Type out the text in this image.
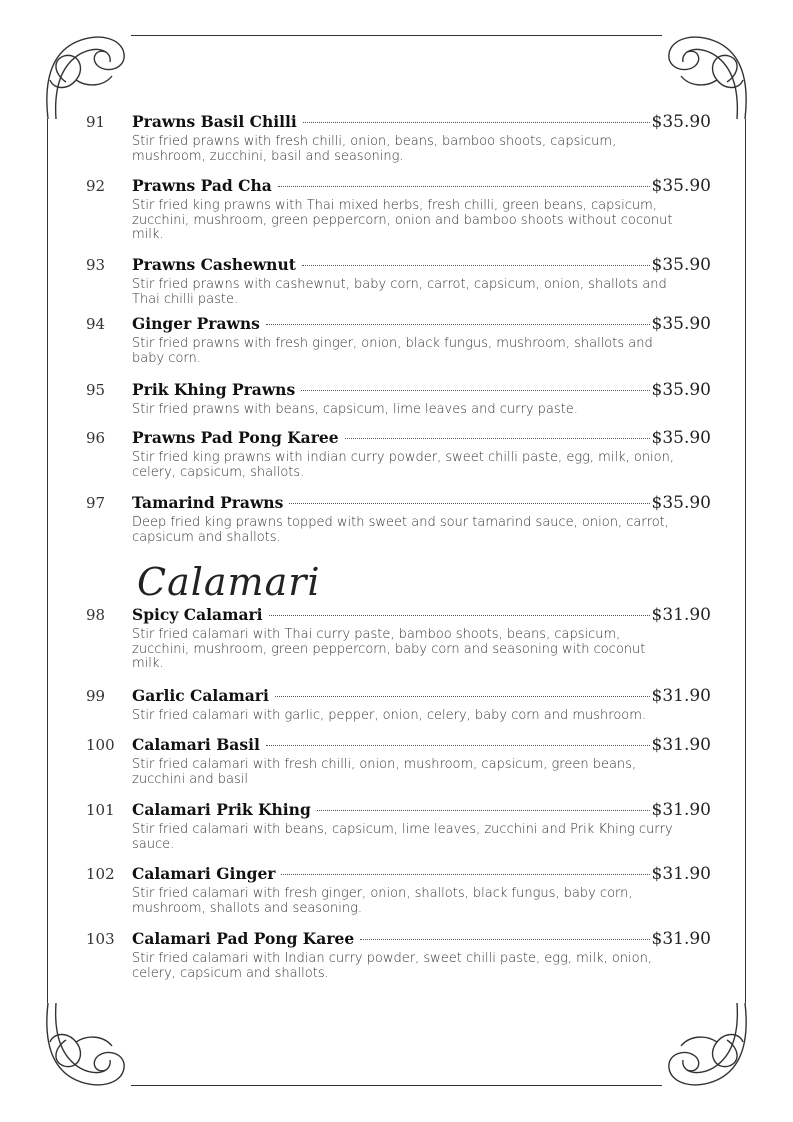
Calamari
91	Prawns Basil Chilli	$35.90
Stir fried prawns with fresh chilli, onion, beans, bamboo shoots, capsicum, mushroom, zucchini, basil and seasoning.
92	Prawns Pad Cha	$35.90
Stir fried king prawns with Thai mixed herbs, fresh chilli, green beans, capsicum, zucchini, mushroom, green peppercorn, onion and bamboo shoots without coconut milk.
93	Prawns Cashewnut	$35.90
Stir fried prawns with cashewnut, baby corn, carrot, capsicum, onion, shallots and Thai chilli paste.
94	Ginger Prawns	$35.90
Stir fried prawns with fresh ginger, onion, black fungus, mushroom, shallots and baby corn.
95	Prik Khing Prawns	$35.90
Stir fried prawns with beans, capsicum, lime leaves and curry paste.
96	Prawns Pad Pong Karee	$35.90
Stir fried king prawns with indian curry powder, sweet chilli paste, egg, milk, onion, celery, capsicum, shallots.
97	Tamarind Prawns	$35.90
Deep fried king prawns topped with sweet and sour tamarind sauce, onion, carrot, capsicum and shallots.
98	Spicy Calamari	$31.90
Stir fried calamari with Thai curry paste, bamboo shoots, beans, capsicum, zucchini, mushroom, green peppercorn, baby corn and seasoning with coconut milk.
99	Garlic Calamari	$31.90
Stir fried calamari with garlic, pepper, onion, celery, baby corn and mushroom.
100	Calamari Basil	$31.90
Stir fried calamari with fresh chilli, onion, mushroom, capsicum, green beans, zucchini and basil
101	Calamari Prik Khing	$31.90
Stir fried calamari with beans, capsicum, lime leaves, zucchini and Prik Khing curry sauce.
102	Calamari Ginger	$31.90
Stir fried calamari with fresh ginger, onion, shallots, black fungus, baby corn, mushroom, shallots and seasoning.
103	Calamari Pad Pong Karee	$31.90
Stir fried calamari with Indian curry powder, sweet chilli paste, egg, milk, onion, celery, capsicum and shallots.
